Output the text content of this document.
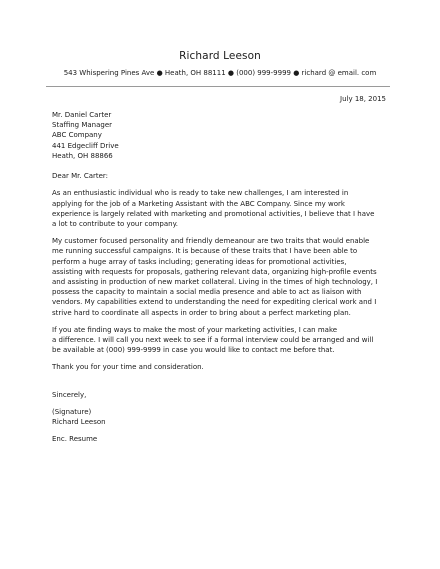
Richard Leeson
543 Whispering Pines Ave ● Heath, OH 88111 ● (000) 999-9999 ● richard @ email. com
July 18, 2015

Mr. Daniel Carter

Staffing Manager

ABC Company

441 Edgecliff Drive

Heath, OH 88866

Dear Mr. Carter:

As an enthusiastic individual who is ready to take new challenges, I am interested in

applying for the job of a Marketing Assistant with the ABC Company. Since my work

experience is largely related with marketing and promotional activities, I believe that I have

a lot to contribute to your company.

My customer focused personality and friendly demeanour are two traits that would enable

me running successful campaigns. It is because of these traits that I have been able to

perform a huge array of tasks including; generating ideas for promotional activities,

assisting with requests for proposals, gathering relevant data, organizing high-profile events

and assisting in production of new market collateral. Living in the times of high technology, I

possess the capacity to maintain a social media presence and able to act as liaison with

vendors. My capabilities extend to understanding the need for expediting clerical work and I

strive hard to coordinate all aspects in order to bring about a perfect marketing plan.

If you ate finding ways to make the most of your marketing activities, I can make

a difference. I will call you next week to see if a formal interview could be arranged and will

be available at (000) 999-9999 in case you would like to contact me before that.

Thank you for your time and consideration.

Sincerely,

(Signature)

Richard Leeson

Enc. Resume
